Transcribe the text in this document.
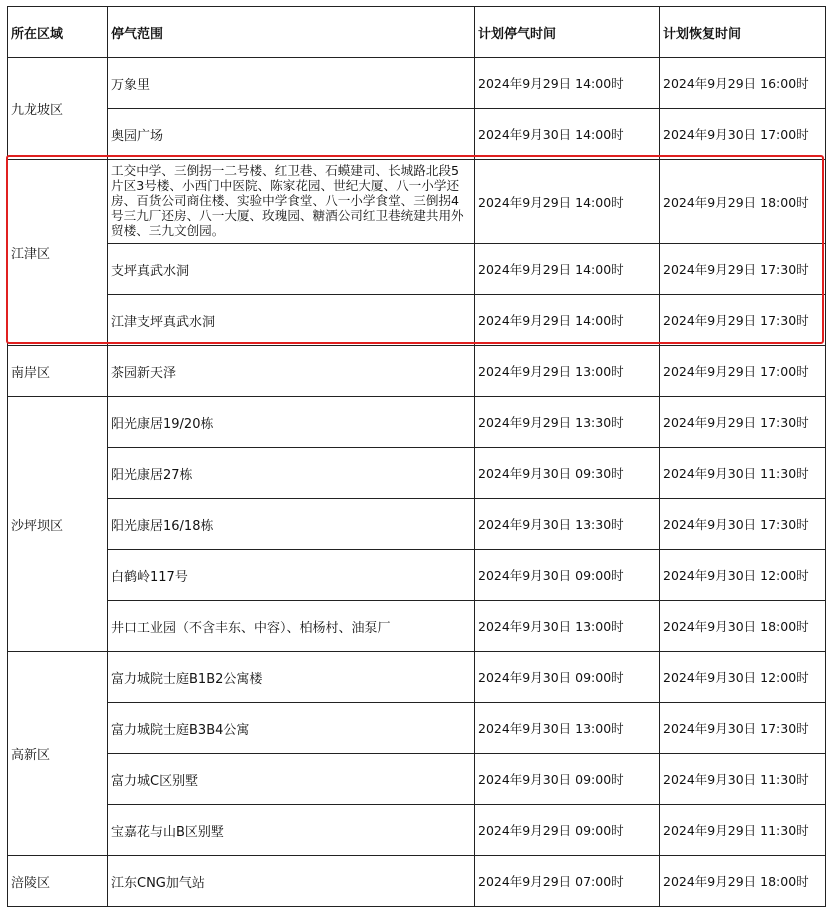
所在区域	停气范围	计划停气时间	计划恢复时间
九龙坡区	万象里	2024年9月29日 14:00时	2024年9月29日 16:00时
	奥园广场	2024年9月30日 14:00时	2024年9月30日 17:00时
江津区	工交中学、三倒拐一二号楼、红卫巷、石蟆建司、长城路北段5片区3号楼、小西门中医院、陈家花园、世纪大厦、八一小学还房、百货公司商住楼、实验中学食堂、八一小学食堂、三倒拐4号三九厂还房、八一大厦、玫瑰园、糖酒公司红卫巷统建共用外贸楼、三九文创园。	2024年9月29日 14:00时	2024年9月29日 18:00时
	支坪真武水洞	2024年9月29日 14:00时	2024年9月29日 17:30时
	江津支坪真武水洞	2024年9月29日 14:00时	2024年9月29日 17:30时
南岸区	茶园新天泽	2024年9月29日 13:00时	2024年9月29日 17:00时
沙坪坝区	阳光康居19/20栋	2024年9月29日 13:30时	2024年9月29日 17:30时
	阳光康居27栋	2024年9月30日 09:30时	2024年9月30日 11:30时
	阳光康居16/18栋	2024年9月30日 13:30时	2024年9月30日 17:30时
	白鹤岭117号	2024年9月30日 09:00时	2024年9月30日 12:00时
	井口工业园（不含丰东、中容）、柏杨村、油泵厂	2024年9月30日 13:00时	2024年9月30日 18:00时
高新区	富力城院士庭B1B2公寓楼	2024年9月30日 09:00时	2024年9月30日 12:00时
	富力城院士庭B3B4公寓	2024年9月30日 13:00时	2024年9月30日 17:30时
	富力城C区别墅	2024年9月30日 09:00时	2024年9月30日 11:30时
	宝嘉花与山B区别墅	2024年9月29日 09:00时	2024年9月29日 11:30时
涪陵区	江东CNG加气站	2024年9月29日 07:00时	2024年9月29日 18:00时
